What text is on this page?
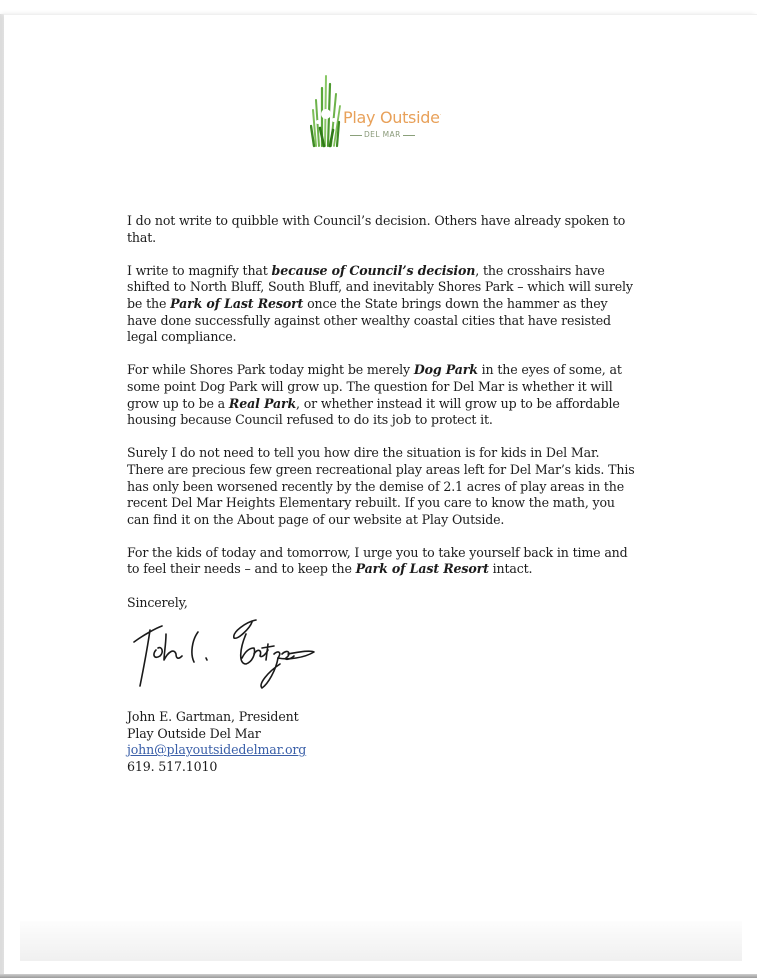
Play Outside·
DEL MAR

I do not write to quibble with Council’s decision. Others have already spoken to that.

I write to magnify that because of Council’s decision, the crosshairs have shifted to North Bluff, South Bluff, and inevitably Shores Park – which will surely be the Park of Last Resort once the State brings down the hammer as they have done successfully against other wealthy coastal cities that have resisted legal compliance.

For while Shores Park today might be merely Dog Park in the eyes of some, at some point Dog Park will grow up. The question for Del Mar is whether it will grow up to be a Real Park, or whether instead it will grow up to be affordable housing because Council refused to do its job to protect it.

Surely I do not need to tell you how dire the situation is for kids in Del Mar. There are precious few green recreational play areas left for Del Mar’s kids. This has only been worsened recently by the demise of 2.1 acres of play areas in the recent Del Mar Heights Elementary rebuilt. If you care to know the math, you can find it on the About page of our website at Play Outside.

For the kids of today and tomorrow, I urge you to take yourself back in time and to feel their needs – and to keep the Park of Last Resort intact.

Sincerely,

John E. Gartman, President
Play Outside Del Mar
john@playoutsidedelmar.org
619. 517.1010
